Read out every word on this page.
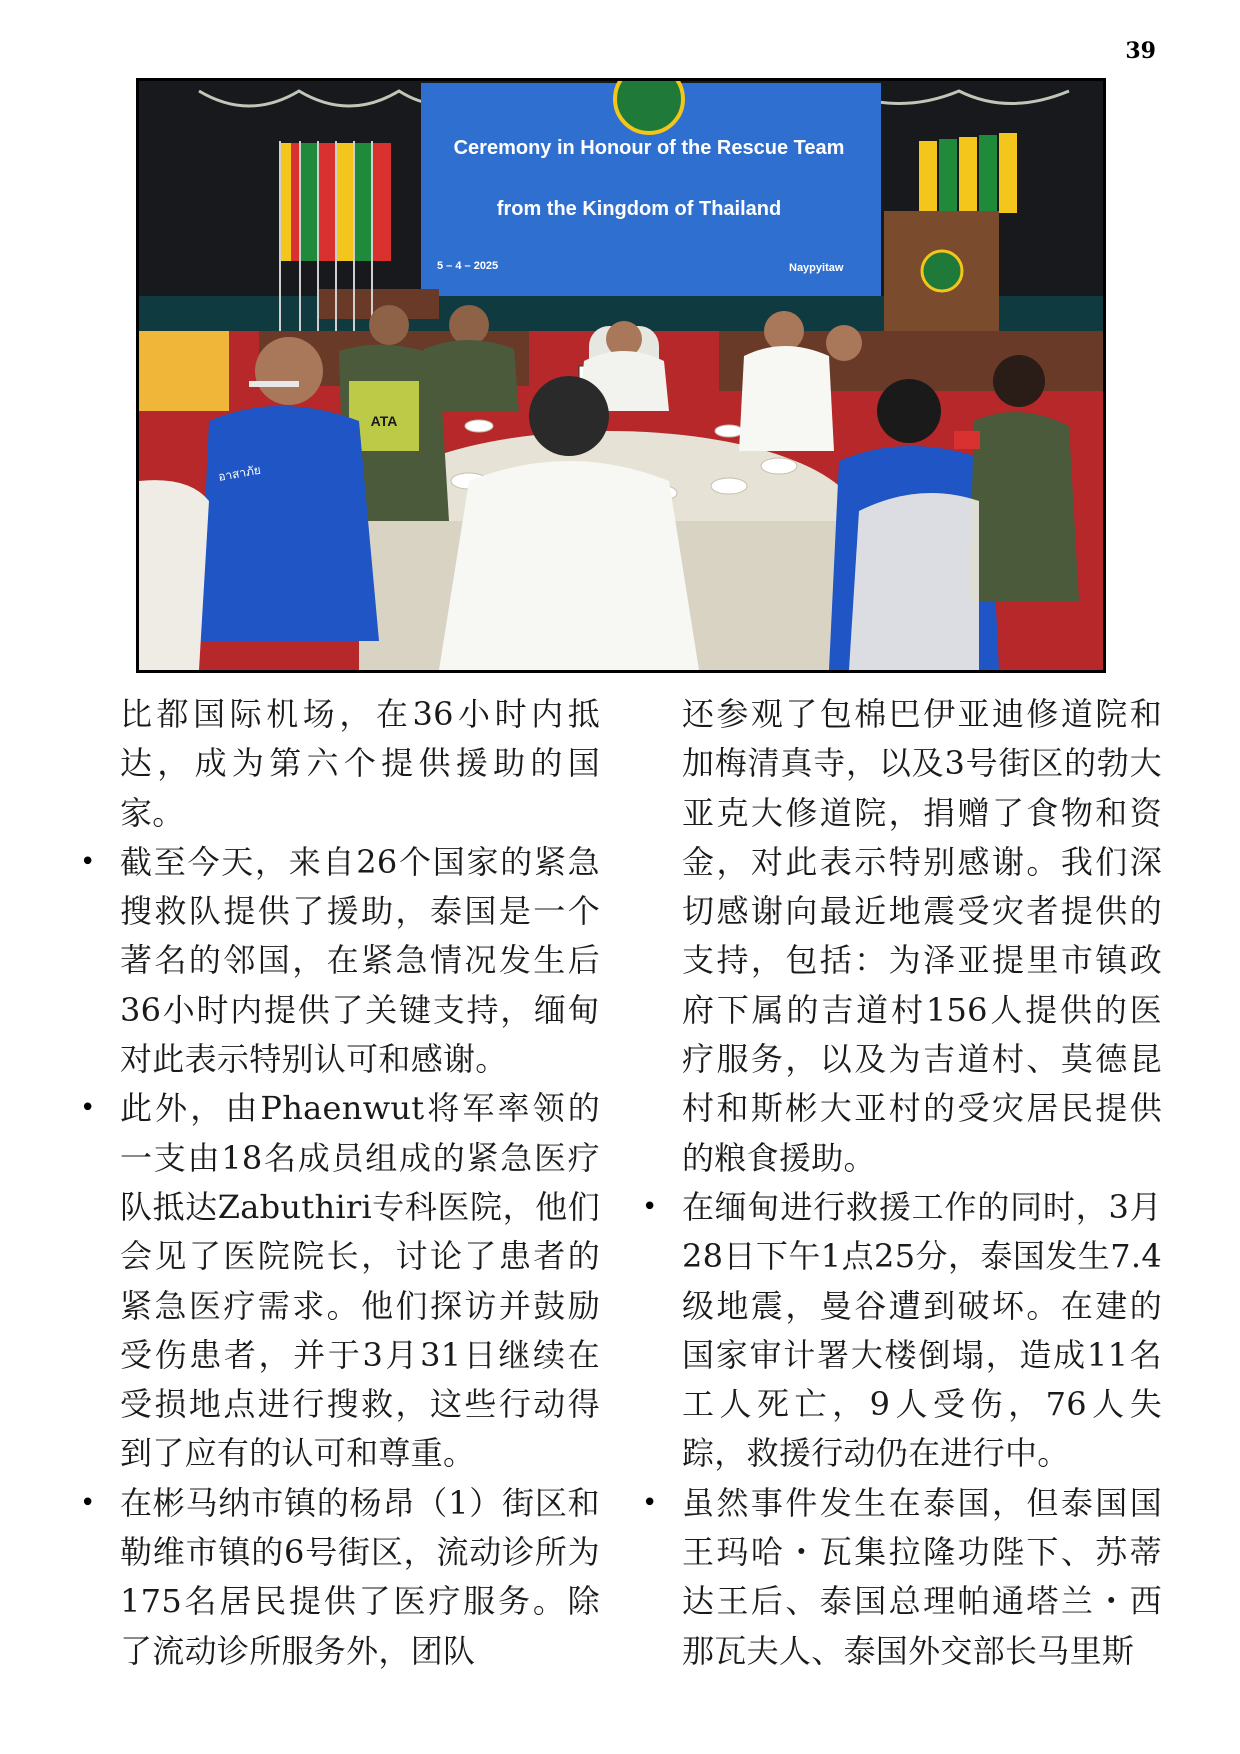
39
Ceremony in Honour of the Rescue Team
from the Kingdom of Thailand
5 – 4 – 2025	Naypyitaw
ATA
อาสาภัย

比都国际机场，在36小时内抵达，成为第六个提供援助的国家。

• 截至今天，来自26个国家的紧急搜救队提供了援助，泰国是一个著名的邻国，在紧急情况发生后36小时内提供了关键支持，缅甸对此表示特别认可和感谢。

• 此外，由Phaenwut将军率领的一支由18名成员组成的紧急医疗队抵达Zabuthiri专科医院，他们会见了医院院长，讨论了患者的紧急医疗需求。他们探访并鼓励受伤患者，并于3月31日继续在受损地点进行搜救，这些行动得到了应有的认可和尊重。

• 在彬马纳市镇的杨昂（1）街区和勒维市镇的6号街区，流动诊所为175名居民提供了医疗服务。除了流动诊所服务外，团队

还参观了包棉巴伊亚迪修道院和加梅清真寺，以及3号街区的勃大亚克大修道院，捐赠了食物和资金，对此表示特别感谢。我们深切感谢向最近地震受灾者提供的支持，包括：为泽亚提里市镇政府下属的吉道村156人提供的医疗服务，以及为吉道村、莫德昆村和斯彬大亚村的受灾居民提供的粮食援助。

• 在缅甸进行救援工作的同时，3月28日下午1点25分，泰国发生7.4级地震，曼谷遭到破坏。在建的国家审计署大楼倒塌，造成11名工人死亡，9人受伤，76人失踪，救援行动仍在进行中。

• 虽然事件发生在泰国，但泰国国王玛哈・瓦集拉隆功陛下、苏蒂达王后、泰国总理帕通塔兰・西那瓦夫人、泰国外交部长马里斯
